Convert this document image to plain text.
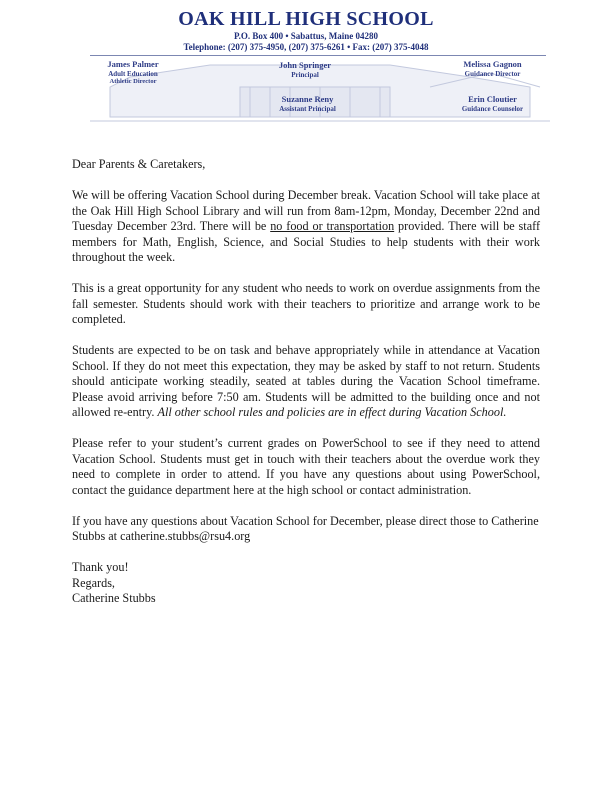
OAK HILL HIGH SCHOOL
P.O. Box 400 • Sabattus, Maine 04280
Telephone: (207) 375-4950, (207) 375-6261 • Fax: (207) 375-4048
James Palmer
Adult Education
Athletic Director
John Springer
Principal
Suzanne Reny
Assistant Principal
Melissa Gagnon
Guidance Director
Erin Cloutier
Guidance Counselor

Dear Parents & Caretakers,

We will be offering Vacation School during December break. Vacation School will take place at the Oak Hill High School Library and will run from 8am-12pm, Monday, December 22nd and Tuesday December 23rd. There will be no food or transportation provided. There will be staff members for Math, English, Science, and Social Studies to help students with their work throughout the week.

This is a great opportunity for any student who needs to work on overdue assignments from the fall semester. Students should work with their teachers to prioritize and arrange work to be completed.

Students are expected to be on task and behave appropriately while in attendance at Vacation School. If they do not meet this expectation, they may be asked by staff to not return. Students should anticipate working steadily, seated at tables during the Vacation School timeframe. Please avoid arriving before 7:50 am. Students will be admitted to the building once and not allowed re-entry. All other school rules and policies are in effect during Vacation School.

Please refer to your student’s current grades on PowerSchool to see if they need to attend Vacation School. Students must get in touch with their teachers about the overdue work they need to complete in order to attend. If you have any questions about using PowerSchool, contact the guidance department here at the high school or contact administration.

If you have any questions about Vacation School for December, please direct those to Catherine Stubbs at catherine.stubbs@rsu4.org

Thank you!
Regards,
Catherine Stubbs
